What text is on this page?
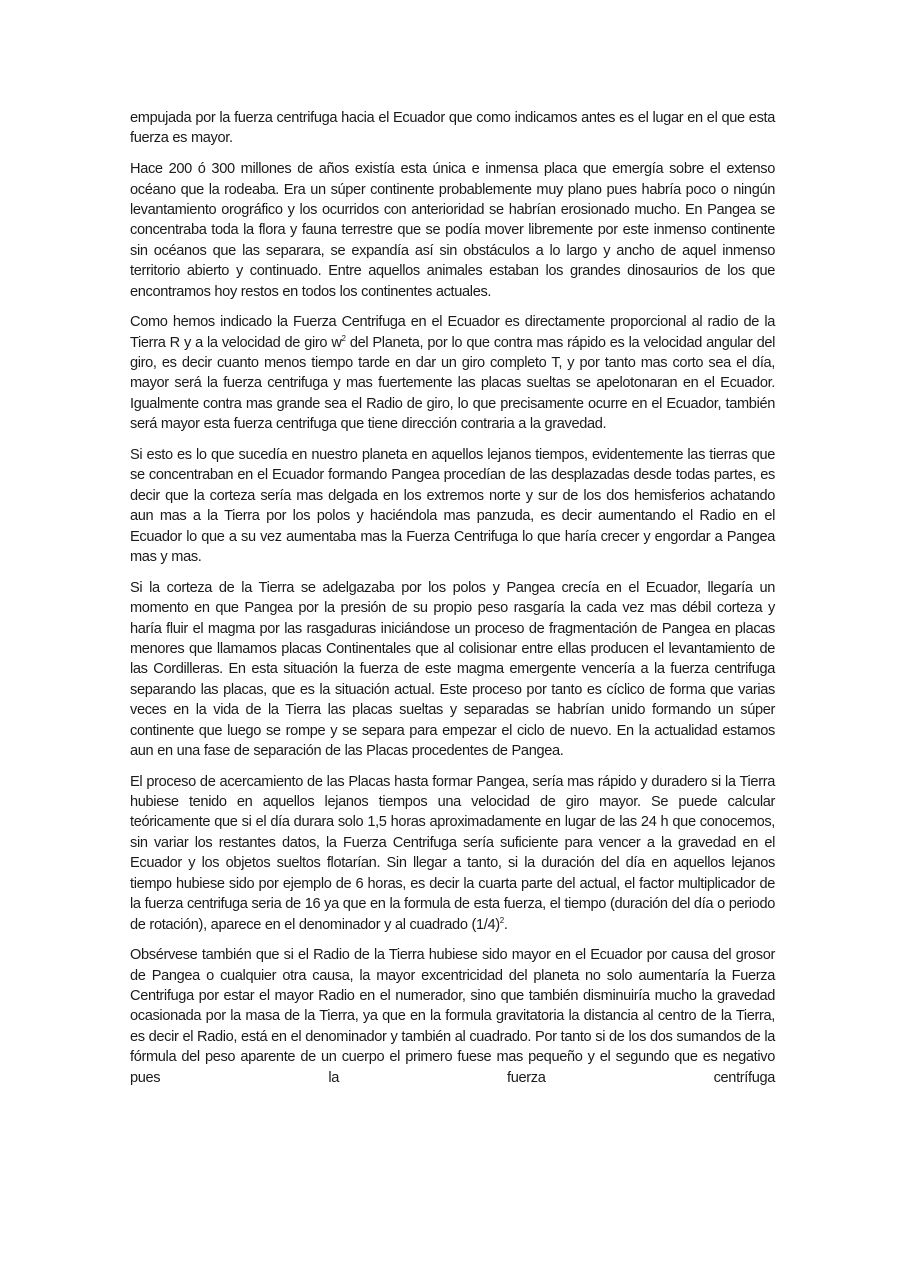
empujada por la fuerza centrifuga hacia el Ecuador que como indicamos antes es el lugar en el que esta fuerza es mayor.

Hace 200 ó 300 millones de años existía esta única e inmensa placa que emergía sobre el extenso océano que la rodeaba. Era un súper continente probablemente muy plano pues habría poco o ningún levantamiento orográfico y los ocurridos con anterioridad se habrían erosionado mucho. En Pangea se concentraba toda la flora y fauna terrestre que se podía mover libremente por este inmenso continente sin océanos que las separara, se expandía así sin obstáculos a lo largo y ancho de aquel inmenso territorio abierto y continuado. Entre aquellos animales estaban los grandes dinosaurios de los que encontramos hoy restos en todos los continentes actuales.

Como hemos indicado la Fuerza Centrifuga en el Ecuador es directamente proporcional al radio de la Tierra R y a la velocidad de giro $w^2$ del Planeta, por lo que contra mas rápido es la velocidad angular del giro, es decir cuanto menos tiempo tarde en dar un giro completo T, y por tanto mas corto sea el día, mayor será la fuerza centrifuga y mas fuertemente las placas sueltas se apelotonaran en el Ecuador. Igualmente contra mas grande sea el Radio de giro, lo que precisamente ocurre en el Ecuador, también será mayor esta fuerza centrifuga que tiene dirección contraria a la gravedad.

Si esto es lo que sucedía en nuestro planeta en aquellos lejanos tiempos, evidentemente las tierras que se concentraban en el Ecuador formando Pangea procedían de las desplazadas desde todas partes, es decir que la corteza sería mas delgada en los extremos norte y sur de los dos hemisferios achatando aun mas a la Tierra por los polos y haciéndola mas panzuda, es decir aumentando el Radio en el Ecuador lo que a su vez aumentaba mas la Fuerza Centrifuga lo que haría crecer y engordar a Pangea mas y mas.

Si la corteza de la Tierra se adelgazaba por los polos y Pangea crecía en el Ecuador, llegaría un momento en que Pangea por la presión de su propio peso rasgaría la cada vez mas débil corteza y haría fluir el magma por las rasgaduras iniciándose un proceso de fragmentación de Pangea en placas menores que llamamos placas Continentales que al colisionar entre ellas producen el levantamiento de las Cordilleras. En esta situación la fuerza de este magma emergente vencería a la fuerza centrifuga separando las placas, que es la situación actual. Este proceso por tanto es cíclico de forma que varias veces en la vida de la Tierra las placas sueltas y separadas se habrían unido formando un súper continente que luego se rompe y se separa para empezar el ciclo de nuevo. En la actualidad estamos aun en una fase de separación de las Placas procedentes de Pangea.

El proceso de acercamiento de las Placas hasta formar Pangea, sería mas rápido y duradero si la Tierra hubiese tenido en aquellos lejanos tiempos una velocidad de giro mayor. Se puede calcular teóricamente que si el día durara solo 1,5 horas aproximadamente en lugar de las 24 h que conocemos, sin variar los restantes datos, la Fuerza Centrifuga sería suficiente para vencer a la gravedad en el Ecuador y los objetos sueltos flotarían. Sin llegar a tanto, si la duración del día en aquellos lejanos tiempo hubiese sido por ejemplo de 6 horas, es decir la cuarta parte del actual, el factor multiplicador de la fuerza centrifuga seria de 16 ya que en la formula de esta fuerza, el tiempo (duración del día o periodo de rotación), aparece en el denominador y al cuadrado $(1/4)^2$.

Obsérvese también que si el Radio de la Tierra hubiese sido mayor en el Ecuador por causa del grosor de Pangea o cualquier otra causa, la mayor excentricidad del planeta no solo aumentaría la Fuerza Centrifuga por estar el mayor Radio en el numerador, sino que también disminuiría mucho la gravedad ocasionada por la masa de la Tierra, ya que en la formula gravitatoria la distancia al centro de la Tierra, es decir el Radio, está en el denominador y también al cuadrado. Por tanto si de los dos sumandos de la fórmula del peso aparente de un cuerpo el primero fuese mas pequeño y el segundo que es negativo pues la fuerza centrífuga
